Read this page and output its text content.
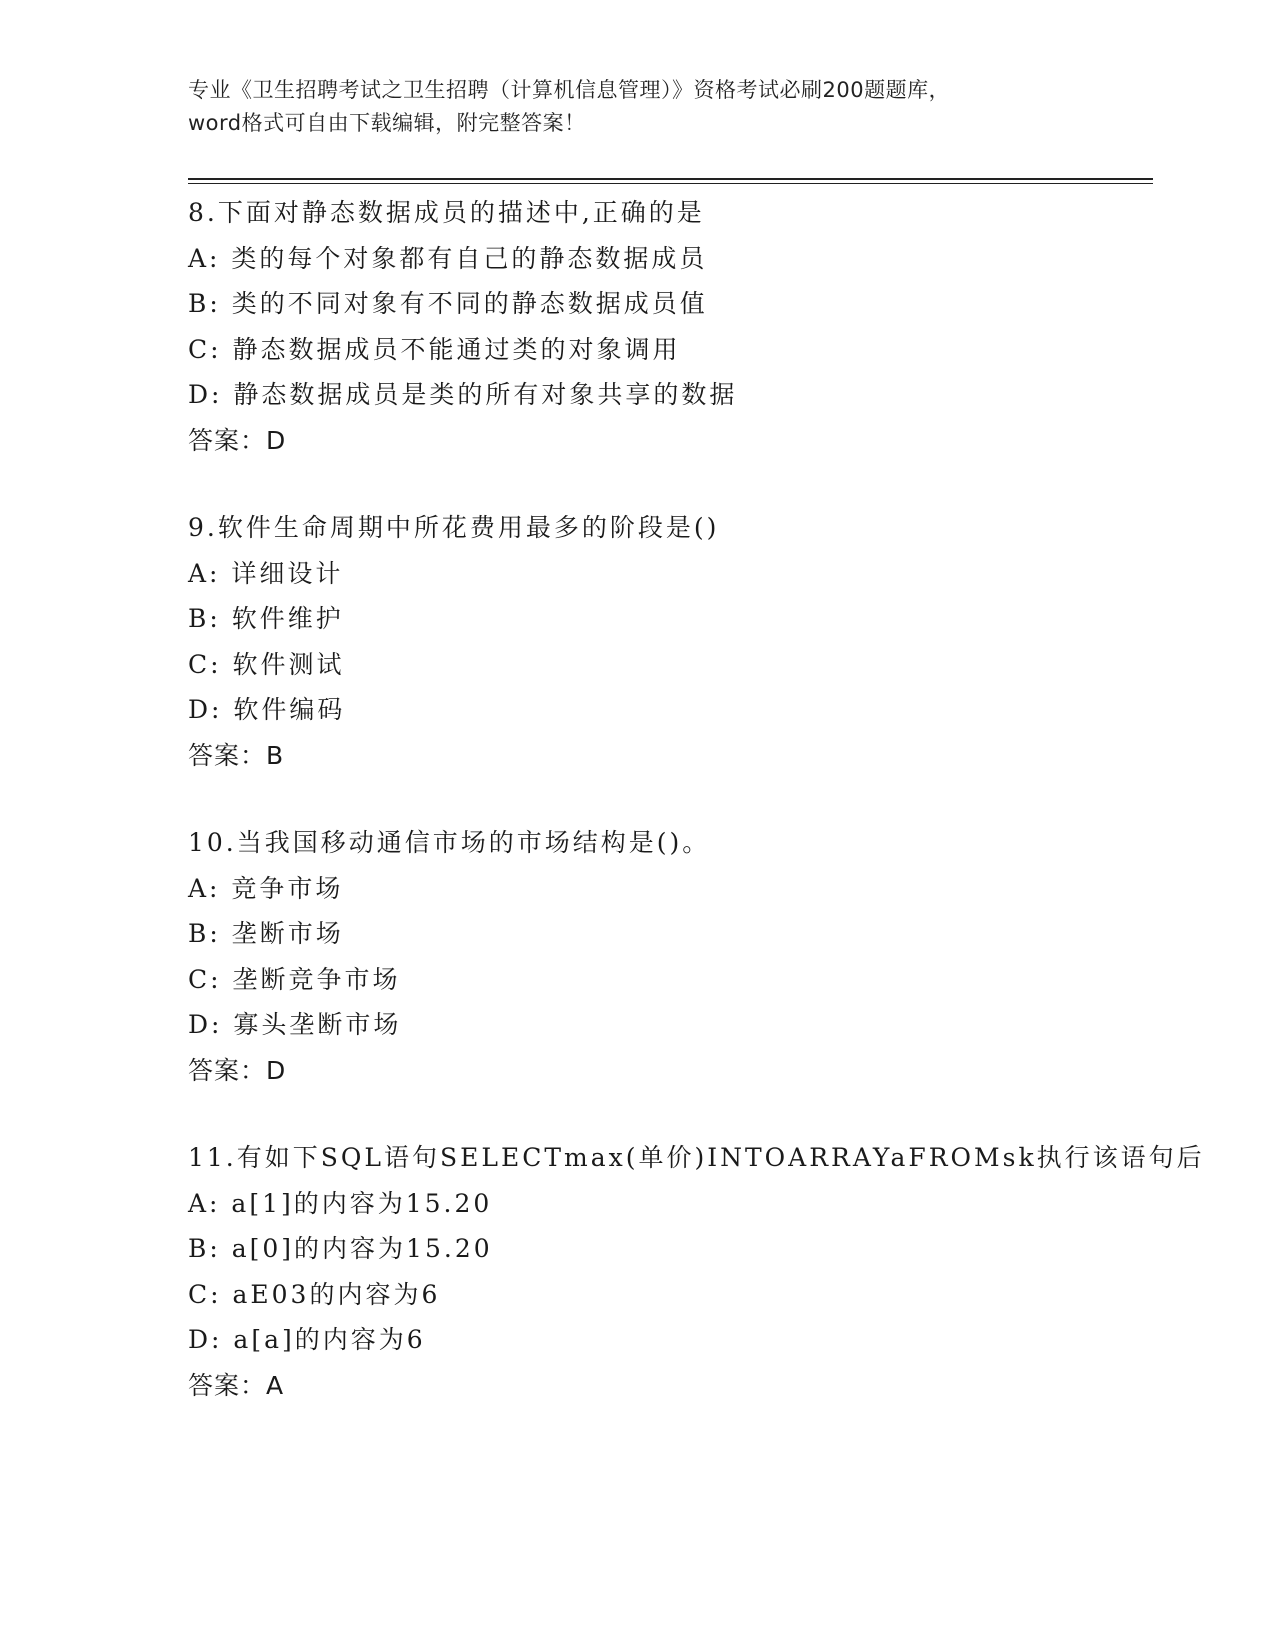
专业《卫生招聘考试之卫生招聘（计算机信息管理）》资格考试必刷200题题库，
word格式可自由下载编辑，附完整答案！
8.下面对静态数据成员的描述中,正确的是
A: 类的每个对象都有自己的静态数据成员
B: 类的不同对象有不同的静态数据成员值
C: 静态数据成员不能通过类的对象调用
D: 静态数据成员是类的所有对象共享的数据
答案：D
9.软件生命周期中所花费用最多的阶段是()
A: 详细设计
B: 软件维护
C: 软件测试
D: 软件编码
答案：B
10.当我国移动通信市场的市场结构是()。
A: 竞争市场
B: 垄断市场
C: 垄断竞争市场
D: 寡头垄断市场
答案：D
11.有如下SQL语句SELECTmax(单价)INTOARRAYaFROMsk执行该语句后
A: a[1]的内容为15.20
B: a[0]的内容为15.20
C: aE03的内容为6
D: a[a]的内容为6
答案：A
